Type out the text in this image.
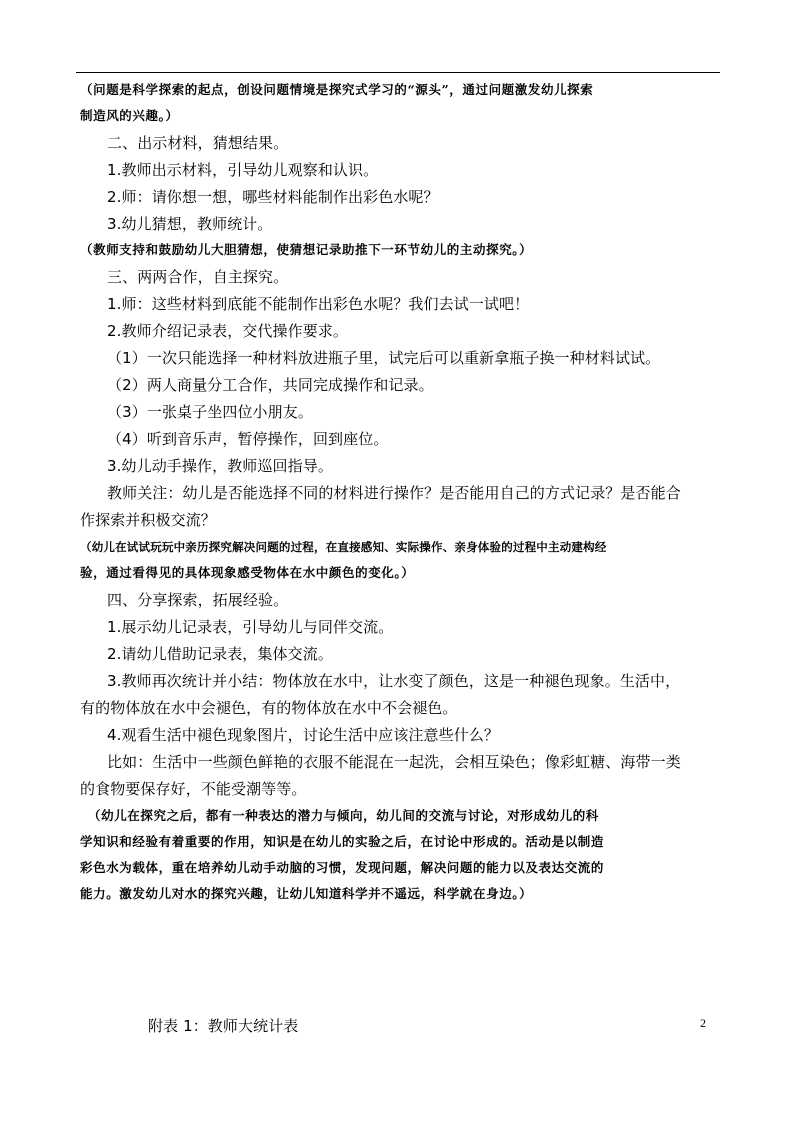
（问题是科学探索的起点，创设问题情境是探究式学习的“源头”，通过问题激发幼儿探索
制造风的兴趣。）
二、出示材料，猜想结果。
1.教师出示材料，引导幼儿观察和认识。
2.师：请你想一想，哪些材料能制作出彩色水呢？
3.幼儿猜想，教师统计。
（教师支持和鼓励幼儿大胆猜想，使猜想记录助推下一环节幼儿的主动探究。）
三、两两合作，自主探究。
1.师：这些材料到底能不能制作出彩色水呢？我们去试一试吧！
2.教师介绍记录表，交代操作要求。
（1）一次只能选择一种材料放进瓶子里，试完后可以重新拿瓶子换一种材料试试。
（2）两人商量分工合作，共同完成操作和记录。
（3）一张桌子坐四位小朋友。
（4）听到音乐声，暂停操作，回到座位。
3.幼儿动手操作，教师巡回指导。
教师关注：幼儿是否能选择不同的材料进行操作？是否能用自己的方式记录？是否能合
作探索并积极交流？
（幼儿在试试玩玩中亲历探究解决问题的过程，在直接感知、实际操作、亲身体验的过程中主动建构经
验，通过看得见的具体现象感受物体在水中颜色的变化。）
四、分享探索，拓展经验。
1.展示幼儿记录表，引导幼儿与同伴交流。
2.请幼儿借助记录表，集体交流。
3.教师再次统计并小结：物体放在水中，让水变了颜色，这是一种褪色现象。生活中，
有的物体放在水中会褪色，有的物体放在水中不会褪色。
4.观看生活中褪色现象图片，讨论生活中应该注意些什么？
比如：生活中一些颜色鲜艳的衣服不能混在一起洗，会相互染色；像彩虹糖、海带一类
的食物要保存好，不能受潮等等。
（幼儿在探究之后，都有一种表达的潜力与倾向，幼儿间的交流与讨论，对形成幼儿的科
学知识和经验有着重要的作用，知识是在幼儿的实验之后，在讨论中形成的。活动是以制造
彩色水为载体，重在培养幼儿动手动脑的习惯，发现问题，解决问题的能力以及表达交流的
能力。激发幼儿对水的探究兴趣，让幼儿知道科学并不遥远，科学就在身边。）
附表 1：教师大统计表	2
